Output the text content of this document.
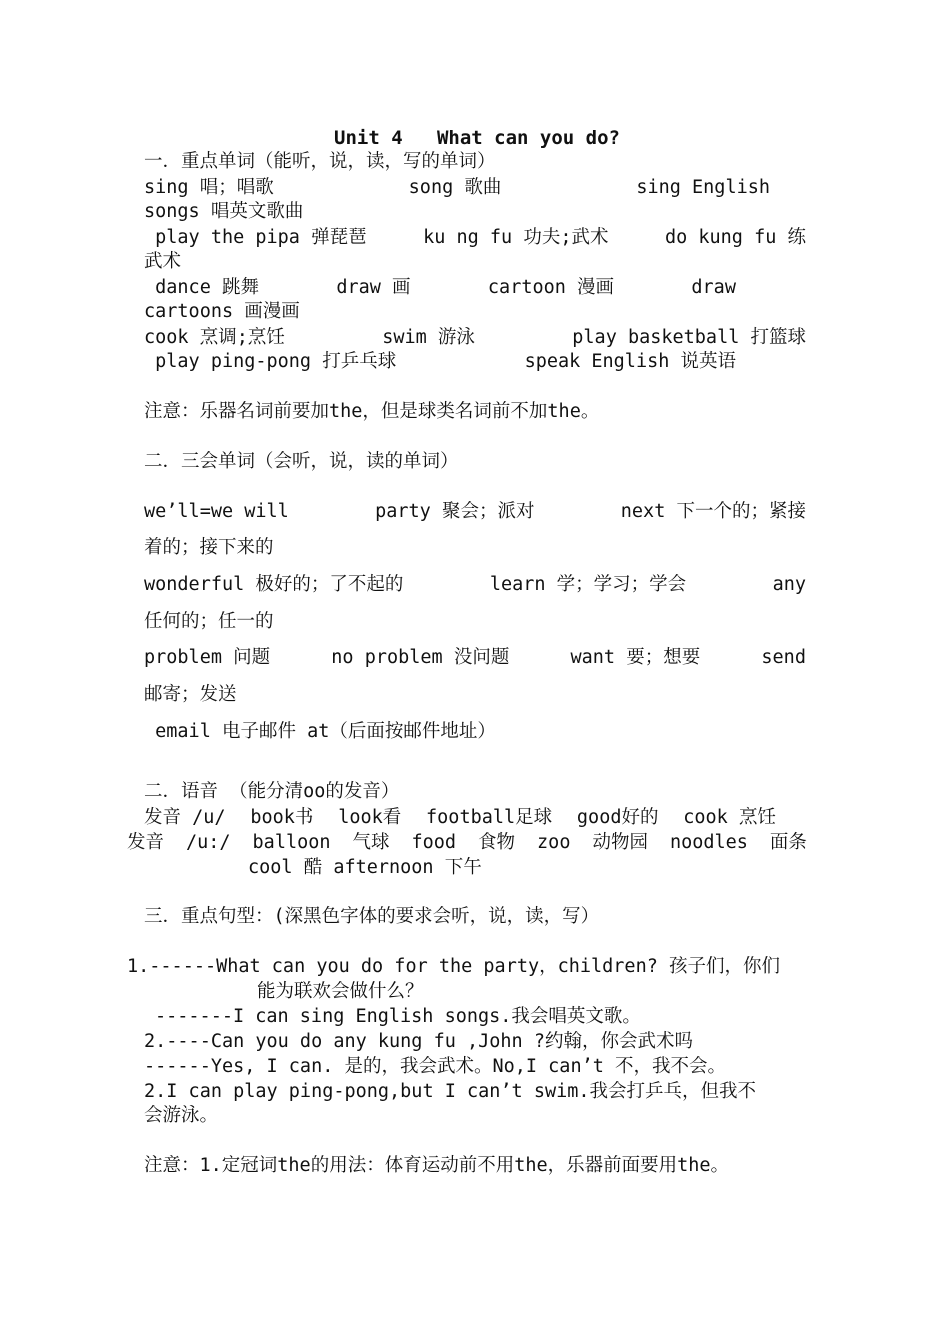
Unit 4   What can you do?
一．重点单词（能听，说，读，写的单词）
sing 唱；唱歌	song 歌曲	sing English
songs 唱英文歌曲
play the pipa 弹琵琶	ku ng fu 功夫;武术	do kung fu 练
武术
dance 跳舞	draw 画	cartoon 漫画	draw
cartoons 画漫画
cook 烹调;烹饪	swim 游泳	play basketball 打篮球
play ping-pong 打乒乓球	speak English 说英语
注意：乐器名词前要加the，但是球类名词前不加the。
二．三会单词（会听，说，读的单词）
we’ll=we will	party 聚会；派对	next 下一个的；紧接
着的；接下来的
wonderful 极好的；了不起的	learn 学；学习；学会	any
任何的；任一的
problem 问题	no problem 没问题	want 要；想要	send
邮寄；发送
email 电子邮件 at（后面按邮件地址）
二．语音 （能分清oo的发音）
发音 /u/ book书 look看 football足球 good好的 cook 烹饪
发音 /u:/ balloon 气球 food 食物 zoo 动物园 noodles 面条
cool 酷 afternoon 下午
三．重点句型：(深黑色字体的要求会听，说，读，写）
1.------What can you do for the party，children? 孩子们，你们
能为联欢会做什么？
-------I can sing English songs.我会唱英文歌。
2.----Can you do any kung fu ,John ?约翰，你会武术吗
------Yes, I can. 是的，我会武术。No,I can’t 不，我不会。
2.I can play ping-pong,but I can’t swim.我会打乒乓，但我不
会游泳。
注意：1.定冠词the的用法：体育运动前不用the，乐器前面要用the。
